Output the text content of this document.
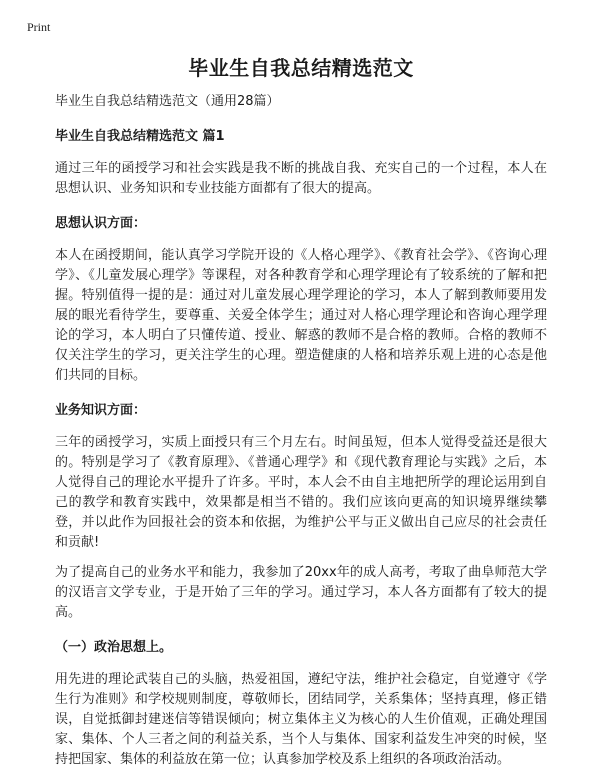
Print
毕业生自我总结精选范文
毕业生自我总结精选范文（通用28篇）
毕业生自我总结精选范文 篇1

通过三年的函授学习和社会实践是我不断的挑战自我、充实自己的一个过程，本人在思想认识、业务知识和专业技能方面都有了很大的提高。

思想认识方面：

本人在函授期间，能认真学习学院开设的《人格心理学》、《教育社会学》、《咨询心理学》、《儿童发展心理学》等课程，对各种教育学和心理学理论有了较系统的了解和把握。特别值得一提的是：通过对儿童发展心理学理论的学习，本人了解到教师要用发展的眼光看待学生，要尊重、关爱全体学生；通过对人格心理学理论和咨询心理学理论的学习，本人明白了只懂传道、授业、解惑的教师不是合格的教师。合格的教师不仅关注学生的学习，更关注学生的心理。塑造健康的人格和培养乐观上进的心态是他们共同的目标。

业务知识方面：

三年的函授学习，实质上面授只有三个月左右。时间虽短，但本人觉得受益还是很大的。特别是学习了《教育原理》、《普通心理学》和《现代教育理论与实践》之后，本人觉得自己的理论水平提升了许多。平时，本人会不由自主地把所学的理论运用到自己的教学和教育实践中，效果都是相当不错的。我们应该向更高的知识境界继续攀登，并以此作为回报社会的资本和依据，为维护公平与正义做出自己应尽的社会责任和贡献!

为了提高自己的业务水平和能力，我参加了20xx年的成人高考，考取了曲阜师范大学的汉语言文学专业，于是开始了三年的学习。通过学习，本人各方面都有了较大的提高。

（一）政治思想上。

用先进的理论武装自己的头脑，热爱祖国，遵纪守法，维护社会稳定，自觉遵守《学生行为准则》和学校规则制度，尊敬师长，团结同学，关系集体；坚持真理，修正错误，自觉抵御封建迷信等错误倾向；树立集体主义为核心的人生价值观，正确处理国家、集体、个人三者之间的利益关系，当个人与集体、国家利益发生冲突的时候，坚持把国家、集体的利益放在第一位；认真参加学校及系上组织的各项政治活动。
